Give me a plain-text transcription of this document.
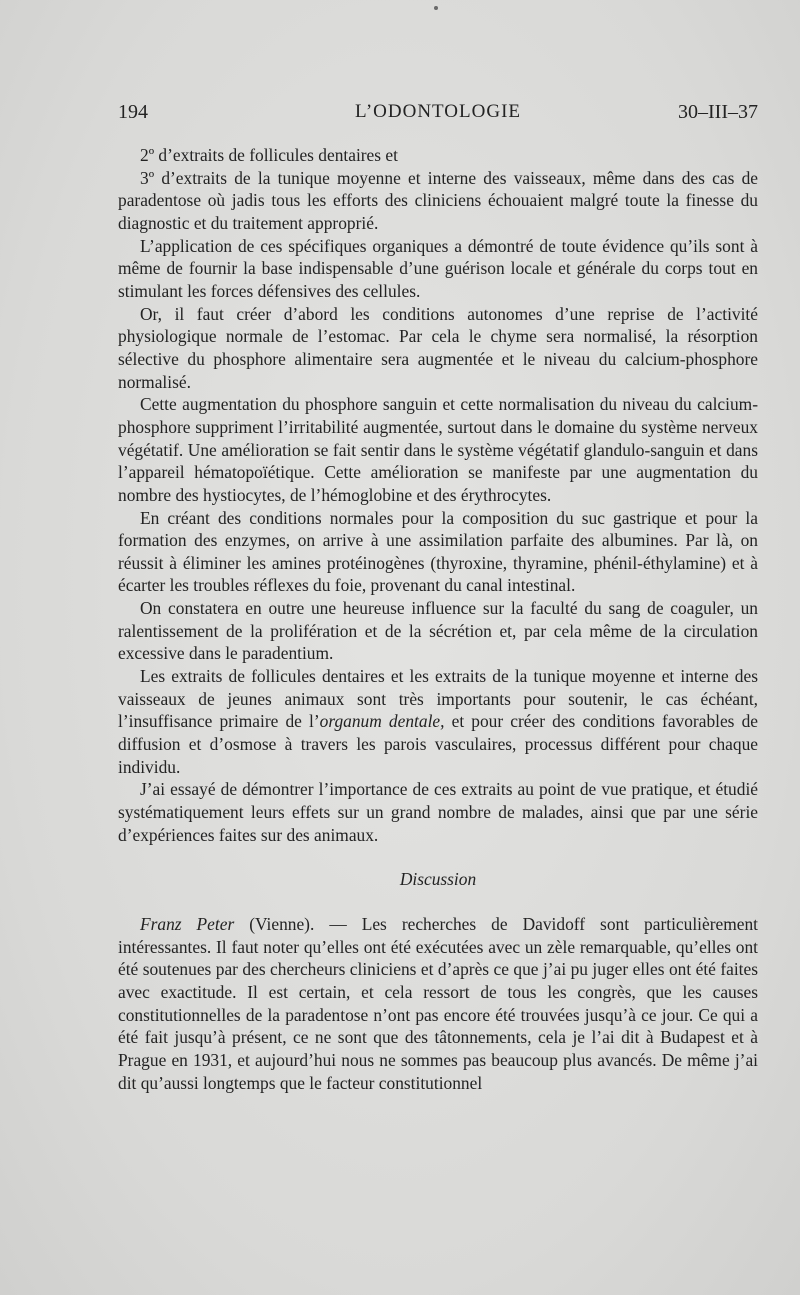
194	L’ODONTOLOGIE	30–III–37

2º d’extraits de follicules dentaires et

3º d’extraits de la tunique moyenne et interne des vaisseaux, même dans des cas de paradentose où jadis tous les efforts des cliniciens échouaient malgré toute la finesse du diagnostic et du traitement approprié.

L’application de ces spécifiques organiques a démontré de toute évidence qu’ils sont à même de fournir la base indispensable d’une guérison locale et générale du corps tout en stimulant les forces défensives des cellules.

Or, il faut créer d’abord les conditions autonomes d’une reprise de l’activité physiologique normale de l’estomac. Par cela le chyme sera normalisé, la résorption sélective du phosphore alimentaire sera augmentée et le niveau du calcium-phosphore normalisé.

Cette augmentation du phosphore sanguin et cette normalisation du niveau du calcium-phosphore suppriment l’irritabilité augmentée, surtout dans le domaine du système nerveux végétatif. Une amélioration se fait sentir dans le système végétatif glandulo-sanguin et dans l’appareil hématopoïétique. Cette amélioration se manifeste par une augmentation du nombre des hystiocytes, de l’hémoglobine et des érythrocytes.

En créant des conditions normales pour la composition du suc gastrique et pour la formation des enzymes, on arrive à une assimilation parfaite des albumines. Par là, on réussit à éliminer les amines protéinogènes (thyroxine, thyramine, phénil-éthylamine) et à écarter les troubles réflexes du foie, provenant du canal intestinal.

On constatera en outre une heureuse influence sur la faculté du sang de coaguler, un ralentissement de la prolifération et de la sécrétion et, par cela même de la circulation excessive dans le paradentium.

Les extraits de follicules dentaires et les extraits de la tunique moyenne et interne des vaisseaux de jeunes animaux sont très importants pour soutenir, le cas échéant, l’insuffisance primaire de l’organum dentale, et pour créer des conditions favorables de diffusion et d’osmose à travers les parois vasculaires, processus différent pour chaque individu.

J’ai essayé de démontrer l’importance de ces extraits au point de vue pratique, et étudié systématiquement leurs effets sur un grand nombre de malades, ainsi que par une série d’expériences faites sur des animaux.

Discussion

Franz Peter (Vienne). — Les recherches de Davidoff sont particulièrement intéressantes. Il faut noter qu’elles ont été exécutées avec un zèle remarquable, qu’elles ont été soutenues par des chercheurs cliniciens et d’après ce que j’ai pu juger elles ont été faites avec exactitude. Il est certain, et cela ressort de tous les congrès, que les causes constitutionnelles de la paradentose n’ont pas encore été trouvées jusqu’à ce jour. Ce qui a été fait jusqu’à présent, ce ne sont que des tâtonnements, cela je l’ai dit à Budapest et à Prague en 1931, et aujourd’hui nous ne sommes pas beaucoup plus avancés. De même j’ai dit qu’aussi longtemps que le facteur constitutionnel
